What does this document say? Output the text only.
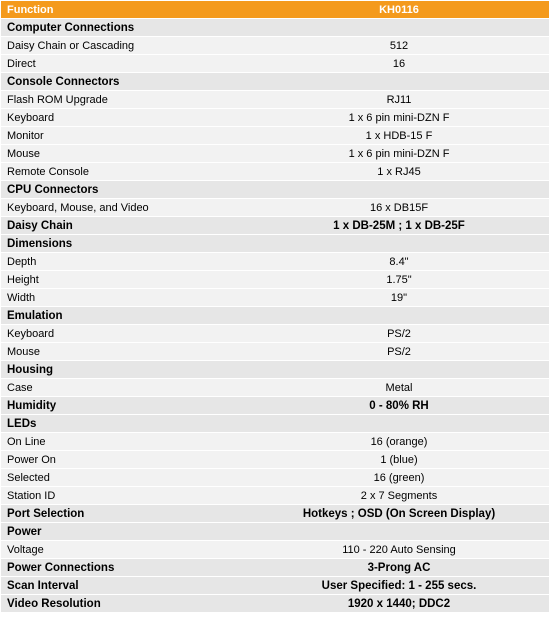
Function	KH0116
Computer Connections	
Daisy Chain or Cascading	512
Direct	16
Console Connectors	
Flash ROM Upgrade	RJ11
Keyboard	1 x 6 pin mini-DZN F
Monitor	1 x HDB-15 F
Mouse	1 x 6 pin mini-DZN F
Remote Console	1 x RJ45
CPU Connectors	
Keyboard, Mouse, and Video	16 x DB15F
Daisy Chain	1 x DB-25M ; 1 x DB-25F
Dimensions	
Depth	8.4"
Height	1.75"
Width	19"
Emulation	
Keyboard	PS/2
Mouse	PS/2
Housing	
Case	Metal
Humidity	0 - 80% RH
LEDs	
On Line	16 (orange)
Power On	1 (blue)
Selected	16 (green)
Station ID	2 x 7 Segments
Port Selection	Hotkeys ; OSD (On Screen Display)
Power	
Voltage	110 - 220 Auto Sensing
Power Connections	3-Prong AC
Scan Interval	User Specified: 1 - 255 secs.
Video Resolution	1920 x 1440; DDC2
